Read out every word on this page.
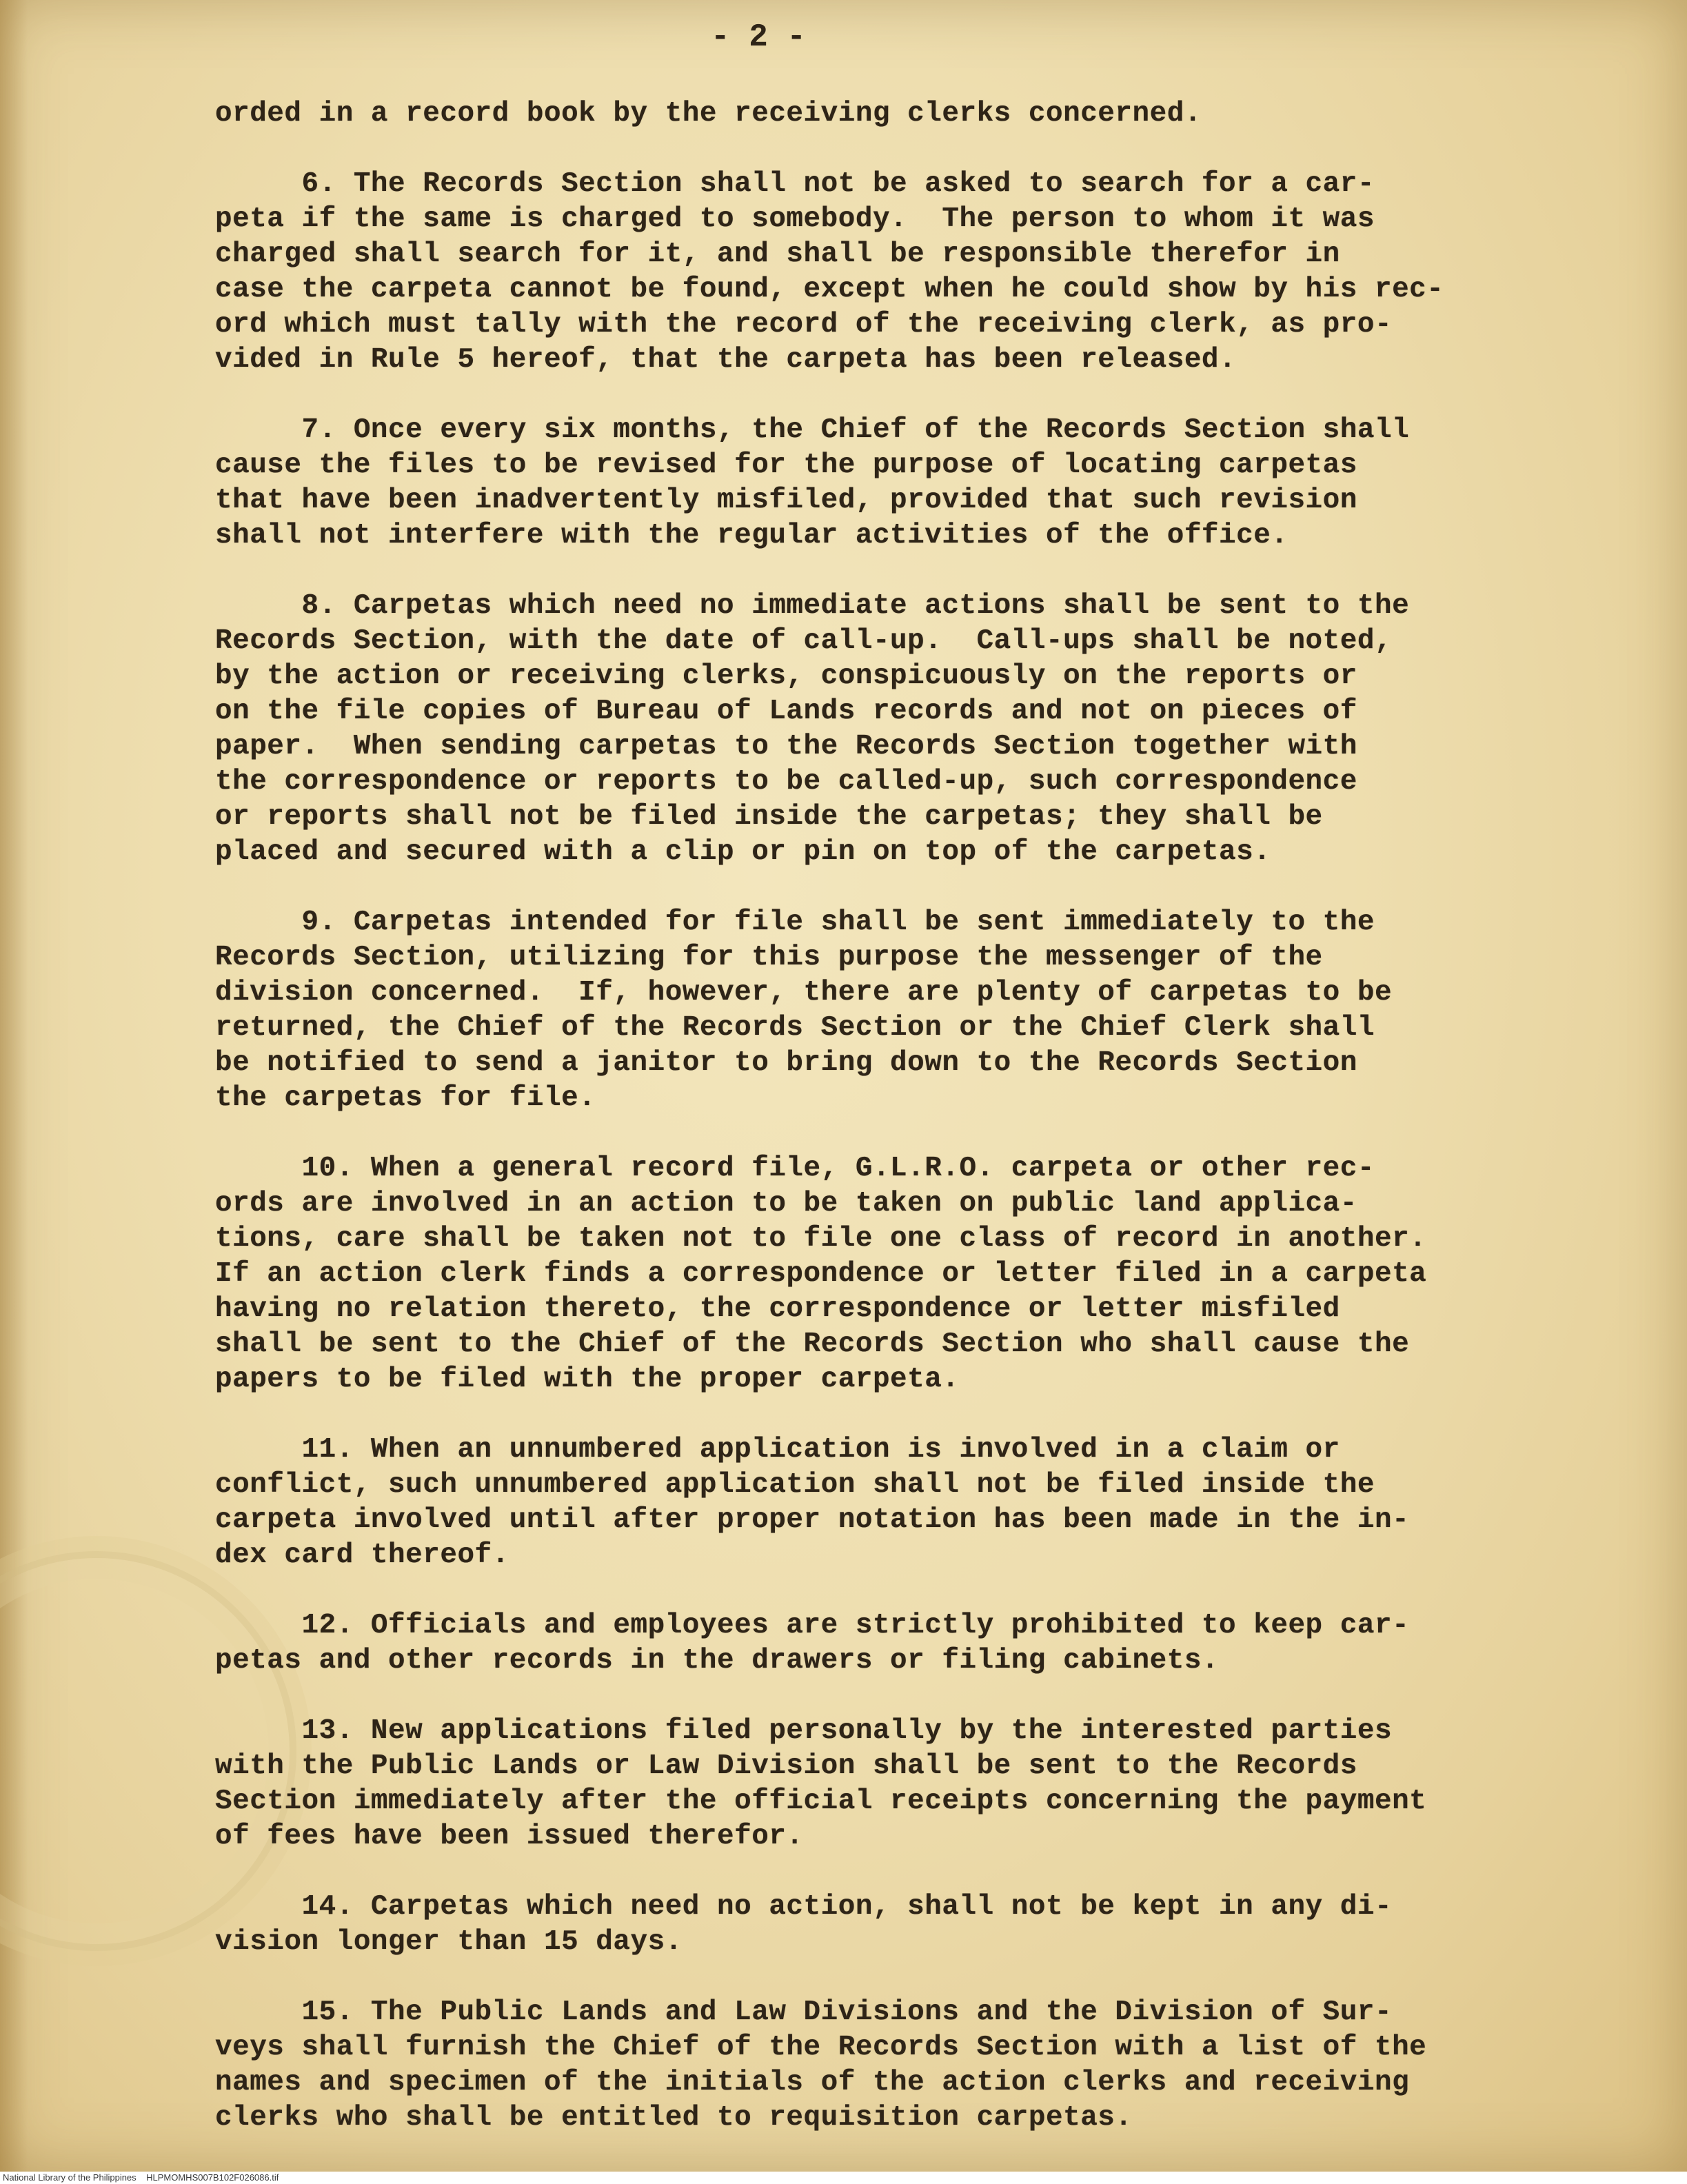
- 2 -
orded in a record book by the receiving clerks concerned.
6. The Records Section shall not be asked to search for a car-
peta if the same is charged to somebody.  The person to whom it was
charged shall search for it, and shall be responsible therefor in
case the carpeta cannot be found, except when he could show by his rec-
ord which must tally with the record of the receiving clerk, as pro-
vided in Rule 5 hereof, that the carpeta has been released.
7. Once every six months, the Chief of the Records Section shall
cause the files to be revised for the purpose of locating carpetas
that have been inadvertently misfiled, provided that such revision
shall not interfere with the regular activities of the office.
8. Carpetas which need no immediate actions shall be sent to the
Records Section, with the date of call-up.  Call-ups shall be noted,
by the action or receiving clerks, conspicuously on the reports or
on the file copies of Bureau of Lands records and not on pieces of
paper.  When sending carpetas to the Records Section together with
the correspondence or reports to be called-up, such correspondence
or reports shall not be filed inside the carpetas; they shall be
placed and secured with a clip or pin on top of the carpetas.
9. Carpetas intended for file shall be sent immediately to the
Records Section, utilizing for this purpose the messenger of the
division concerned.  If, however, there are plenty of carpetas to be
returned, the Chief of the Records Section or the Chief Clerk shall
be notified to send a janitor to bring down to the Records Section
the carpetas for file.
10. When a general record file, G.L.R.O. carpeta or other rec-
ords are involved in an action to be taken on public land applica-
tions, care shall be taken not to file one class of record in another.
If an action clerk finds a correspondence or letter filed in a carpeta
having no relation thereto, the correspondence or letter misfiled
shall be sent to the Chief of the Records Section who shall cause the
papers to be filed with the proper carpeta.
11. When an unnumbered application is involved in a claim or
conflict, such unnumbered application shall not be filed inside the
carpeta involved until after proper notation has been made in the in-
dex card thereof.
12. Officials and employees are strictly prohibited to keep car-
petas and other records in the drawers or filing cabinets.
13. New applications filed personally by the interested parties
with the Public Lands or Law Division shall be sent to the Records
Section immediately after the official receipts concerning the payment
of fees have been issued therefor.
14. Carpetas which need no action, shall not be kept in any di-
vision longer than 15 days.
15. The Public Lands and Law Divisions and the Division of Sur-
veys shall furnish the Chief of the Records Section with a list of the
names and specimen of the initials of the action clerks and receiving
clerks who shall be entitled to requisition carpetas.
National Library of the Philippines HLPMOMHS007B102F026086.tif
